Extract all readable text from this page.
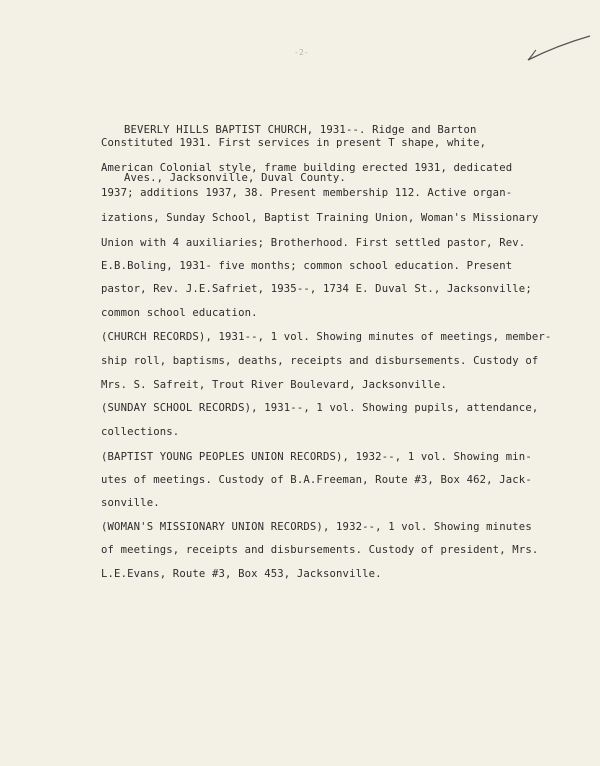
-2-

BEVERLY HILLS BAPTIST CHURCH, 1931--. Ridge and Barton

Aves., Jacksonville, Duval County.

Constituted 1931. First services in present T shape, white,
American Colonial style, frame building erected 1931, dedicated
1937; additions 1937, 38. Present membership 112. Active organ-
izations, Sunday School, Baptist Training Union, Woman's Missionary
Union with 4 auxiliaries; Brotherhood. First settled pastor, Rev.
E.B.Boling, 1931- five months; common school education. Present
pastor, Rev. J.E.Safriet, 1935--, 1734 E. Duval St., Jacksonville;
common school education.
(CHURCH RECORDS), 1931--, 1 vol. Showing minutes of meetings, member-
ship roll, baptisms, deaths, receipts and disbursements. Custody of
Mrs. S. Safreit, Trout River Boulevard, Jacksonville.
(SUNDAY SCHOOL RECORDS), 1931--, 1 vol. Showing pupils, attendance,
collections.
(BAPTIST YOUNG PEOPLES UNION RECORDS), 1932--, 1 vol. Showing min-
utes of meetings. Custody of B.A.Freeman, Route #3, Box 462, Jack-
sonville.
(WOMAN'S MISSIONARY UNION RECORDS), 1932--, 1 vol. Showing minutes
of meetings, receipts and disbursements. Custody of president, Mrs.
L.E.Evans, Route #3, Box 453, Jacksonville.
